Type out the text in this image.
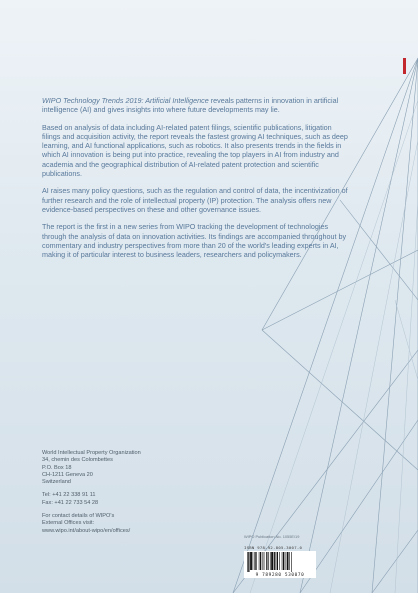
WIPO Technology Trends 2019: Artificial Intelligence reveals patterns in innovation in artificial intelligence (AI) and gives insights into where future developments may lie.

Based on analysis of data including AI-related patent filings, scientific publications, litigation filings and acquisition activity, the report reveals the fastest growing AI techniques, such as deep learning, and AI functional applications, such as robotics. It also presents trends in the fields in which AI innovation is being put into practice, revealing the top players in AI from industry and academia and the geographical distribution of AI-related patent protection and scientific publications.

AI raises many policy questions, such as the regulation and control of data, the incentivization of further research and the role of intellectual property (IP) protection. The analysis offers new evidence-based perspectives on these and other governance issues.

The report is the first in a new series from WIPO tracking the development of technologies through the analysis of data on innovation activities. Its findings are accompanied throughout by commentary and industry perspectives from more than 20 of the world's leading experts in AI, making it of particular interest to business leaders, researchers and policymakers.

World Intellectual Property Organization
34, chemin des Colombettes
P.O. Box 18
CH-1211 Geneva 20
Switzerland
Tel: +41 22 338 91 11
Fax: +41 22 733 54 28
For contact details of WIPO's
External Offices visit:
www.wipo.int/about-wipo/en/offices/
WIPO Publication No. 1055E/19
ISBN 978-92-805-3007-0
9 789280 530070
